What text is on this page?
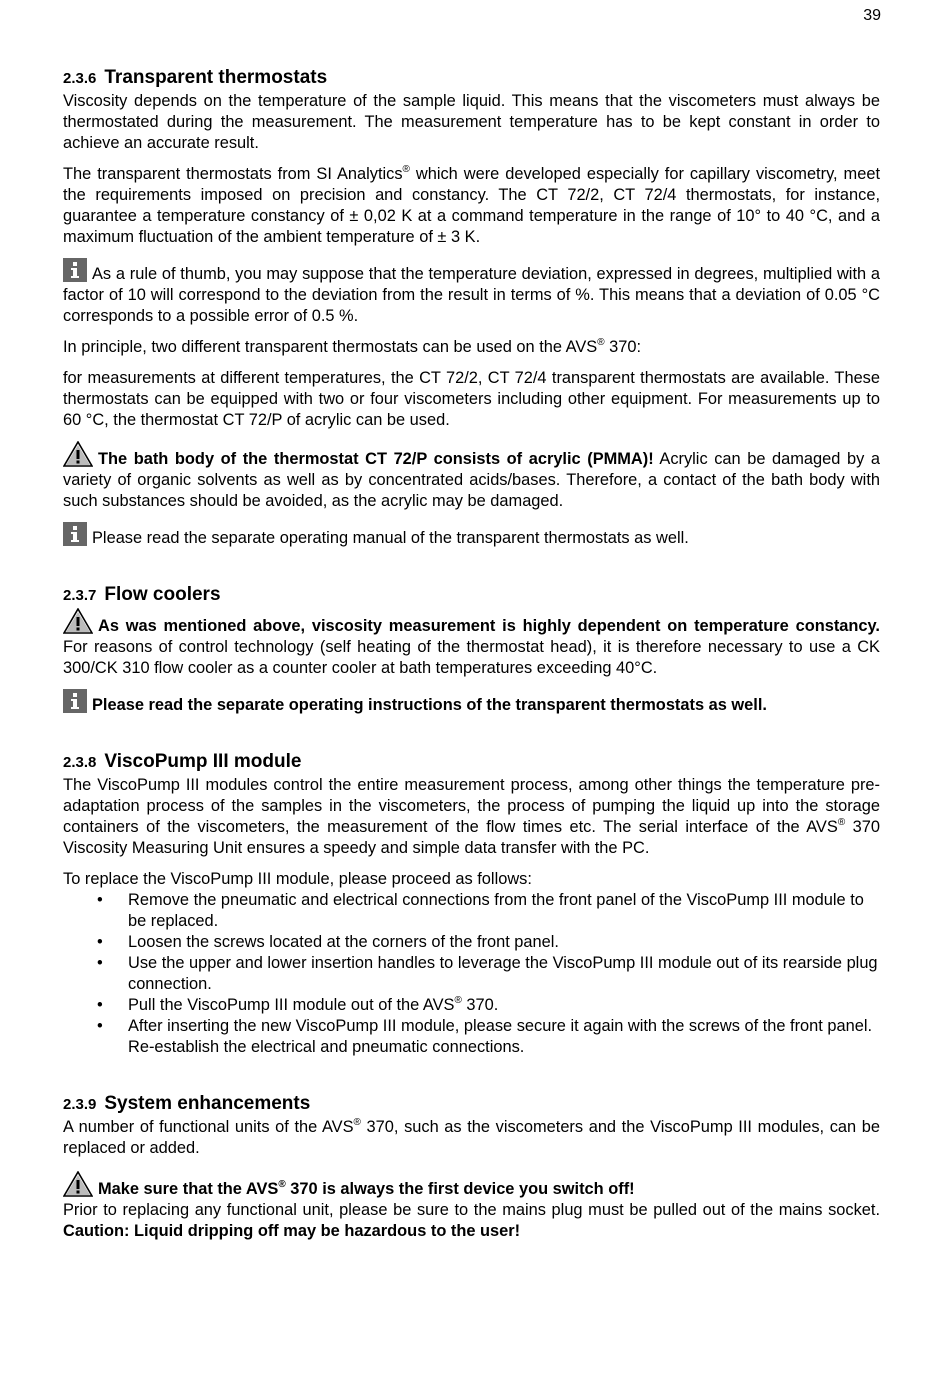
39
2.3.6 Transparent thermostats

Viscosity depends on the temperature of the sample liquid. This means that the viscometers must always be thermostated during the measurement. The measurement temperature has to be kept constant in order to achieve an accurate result.

The transparent thermostats from SI Analytics® which were developed especially for capillary viscometry, meet the requirements imposed on precision and constancy. The CT 72/2, CT 72/4 thermostats, for instance, guarantee a temperature constancy of ± 0,02 K at a command temperature in the range of 10° to 40 °C, and a maximum fluctuation of the ambient temperature of ± 3 K.

As a rule of thumb, you may suppose that the temperature deviation, expressed in degrees, multiplied with a factor of 10 will correspond to the deviation from the result in terms of %. This means that a deviation of 0.05 °C corresponds to a possible error of 0.5 %.

In principle, two different transparent thermostats can be used on the AVS® 370:

for measurements at different temperatures, the CT 72/2, CT 72/4 transparent thermostats are available. These thermostats can be equipped with two or four viscometers including other equipment. For measurements up to 60 °C, the thermostat CT 72/P of acrylic can be used.

The bath body of the thermostat CT 72/P consists of acrylic (PMMA)! Acrylic can be damaged by a variety of organic solvents as well as by concentrated acids/bases. Therefore, a contact of the bath body with such substances should be avoided, as the acrylic may be damaged.

Please read the separate operating manual of the transparent thermostats as well.

2.3.7 Flow coolers

As was mentioned above, viscosity measurement is highly dependent on temperature constancy. For reasons of control technology (self heating of the thermostat head), it is therefore necessary to use a CK 300/CK 310 flow cooler as a counter cooler at bath temperatures exceeding 40°C.

Please read the separate operating instructions of the transparent thermostats as well.

2.3.8 ViscoPump III module

The ViscoPump III modules control the entire measurement process, among other things the temperature pre-adaptation process of the samples in the viscometers, the process of pumping the liquid up into the storage containers of the viscometers, the measurement of the flow times etc. The serial interface of the AVS® 370 Viscosity Measuring Unit ensures a speedy and simple data transfer with the PC.

To replace the ViscoPump III module, please proceed as follows:

• Remove the pneumatic and electrical connections from the front panel of the ViscoPump III module to be replaced.
• Loosen the screws located at the corners of the front panel.
• Use the upper and lower insertion handles to leverage the ViscoPump III module out of its rearside plug connection.
• Pull the ViscoPump III module out of the AVS® 370.
• After inserting the new ViscoPump III module, please secure it again with the screws of the front panel. Re-establish the electrical and pneumatic connections.
2.3.9 System enhancements

A number of functional units of the AVS® 370, such as the viscometers and the ViscoPump III modules, can be replaced or added.

Make sure that the AVS® 370 is always the first device you switch off!

Prior to replacing any functional unit, please be sure to the mains plug must be pulled out of the mains socket. Caution: Liquid dripping off may be hazardous to the user!
